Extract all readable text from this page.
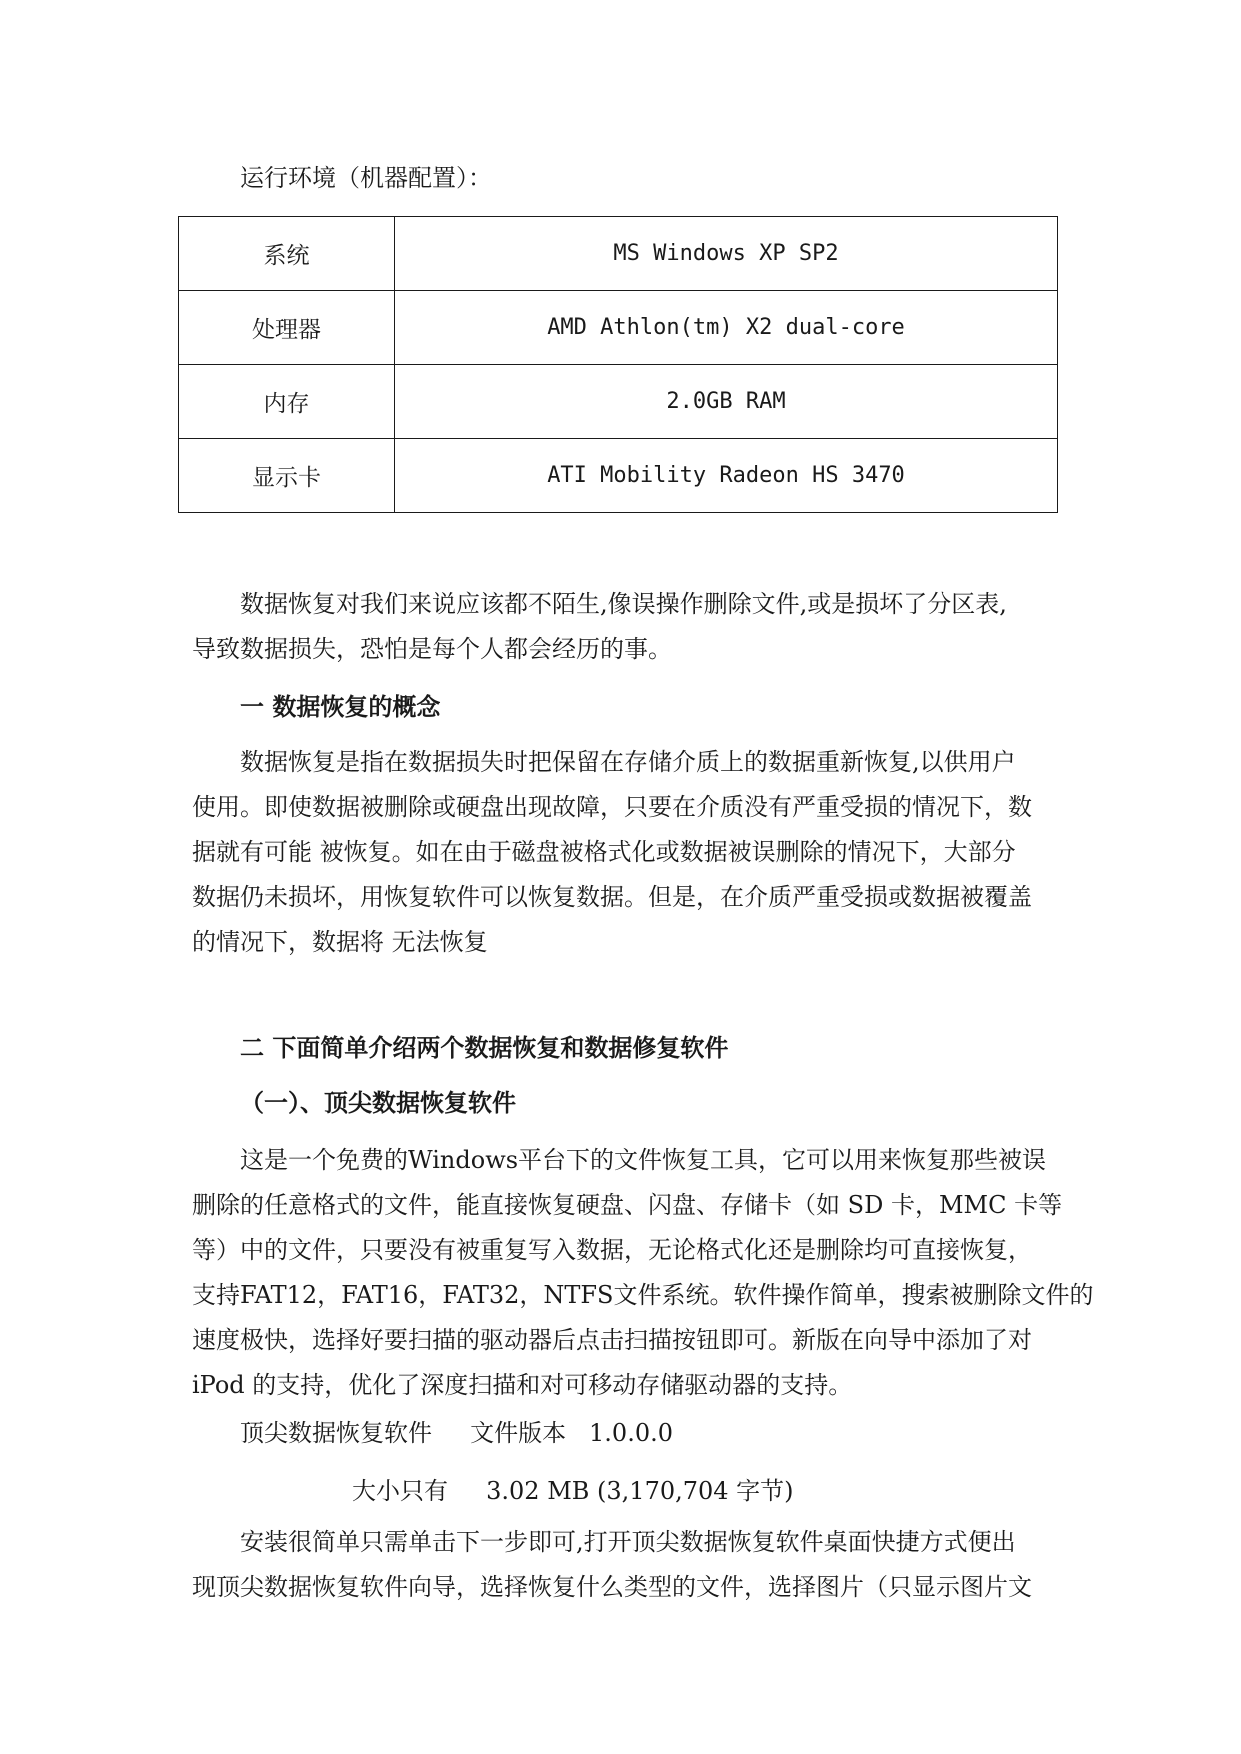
运行环境（机器配置）：
系统	MS Windows XP SP2
处理器	AMD Athlon(tm) X2 dual-core
内存	2.0GB RAM
显示卡	ATI Mobility Radeon HS 3470
数据恢复对我们来说应该都不陌生,像误操作删除文件,或是损坏了分区表,
导致数据损失，恐怕是每个人都会经历的事。
一 数据恢复的概念
数据恢复是指在数据损失时把保留在存储介质上的数据重新恢复,以供用户
使用。即使数据被删除或硬盘出现故障，只要在介质没有严重受损的情况下，数
据就有可能 被恢复。如在由于磁盘被格式化或数据被误删除的情况下，大部分
数据仍未损坏，用恢复软件可以恢复数据。但是，在介质严重受损或数据被覆盖
的情况下，数据将 无法恢复
二 下面简单介绍两个数据恢复和数据修复软件
（一）、顶尖数据恢复软件
这是一个免费的Windows平台下的文件恢复工具，它可以用来恢复那些被误
删除的任意格式的文件，能直接恢复硬盘、闪盘、存储卡（如 SD 卡，MMC 卡等
等）中的文件，只要没有被重复写入数据，无论格式化还是删除均可直接恢复，
支持FAT12，FAT16，FAT32，NTFS文件系统。软件操作简单，搜索被删除文件的
速度极快，选择好要扫描的驱动器后点击扫描按钮即可。新版在向导中添加了对
iPod 的支持，优化了深度扫描和对可移动存储驱动器的支持。
顶尖数据恢复软件     文件版本   1.0.0.0
大小只有     3.02 MB (3,170,704 字节)
安装很简单只需单击下一步即可,打开顶尖数据恢复软件桌面快捷方式便出
现顶尖数据恢复软件向导，选择恢复什么类型的文件，选择图片（只显示图片文
